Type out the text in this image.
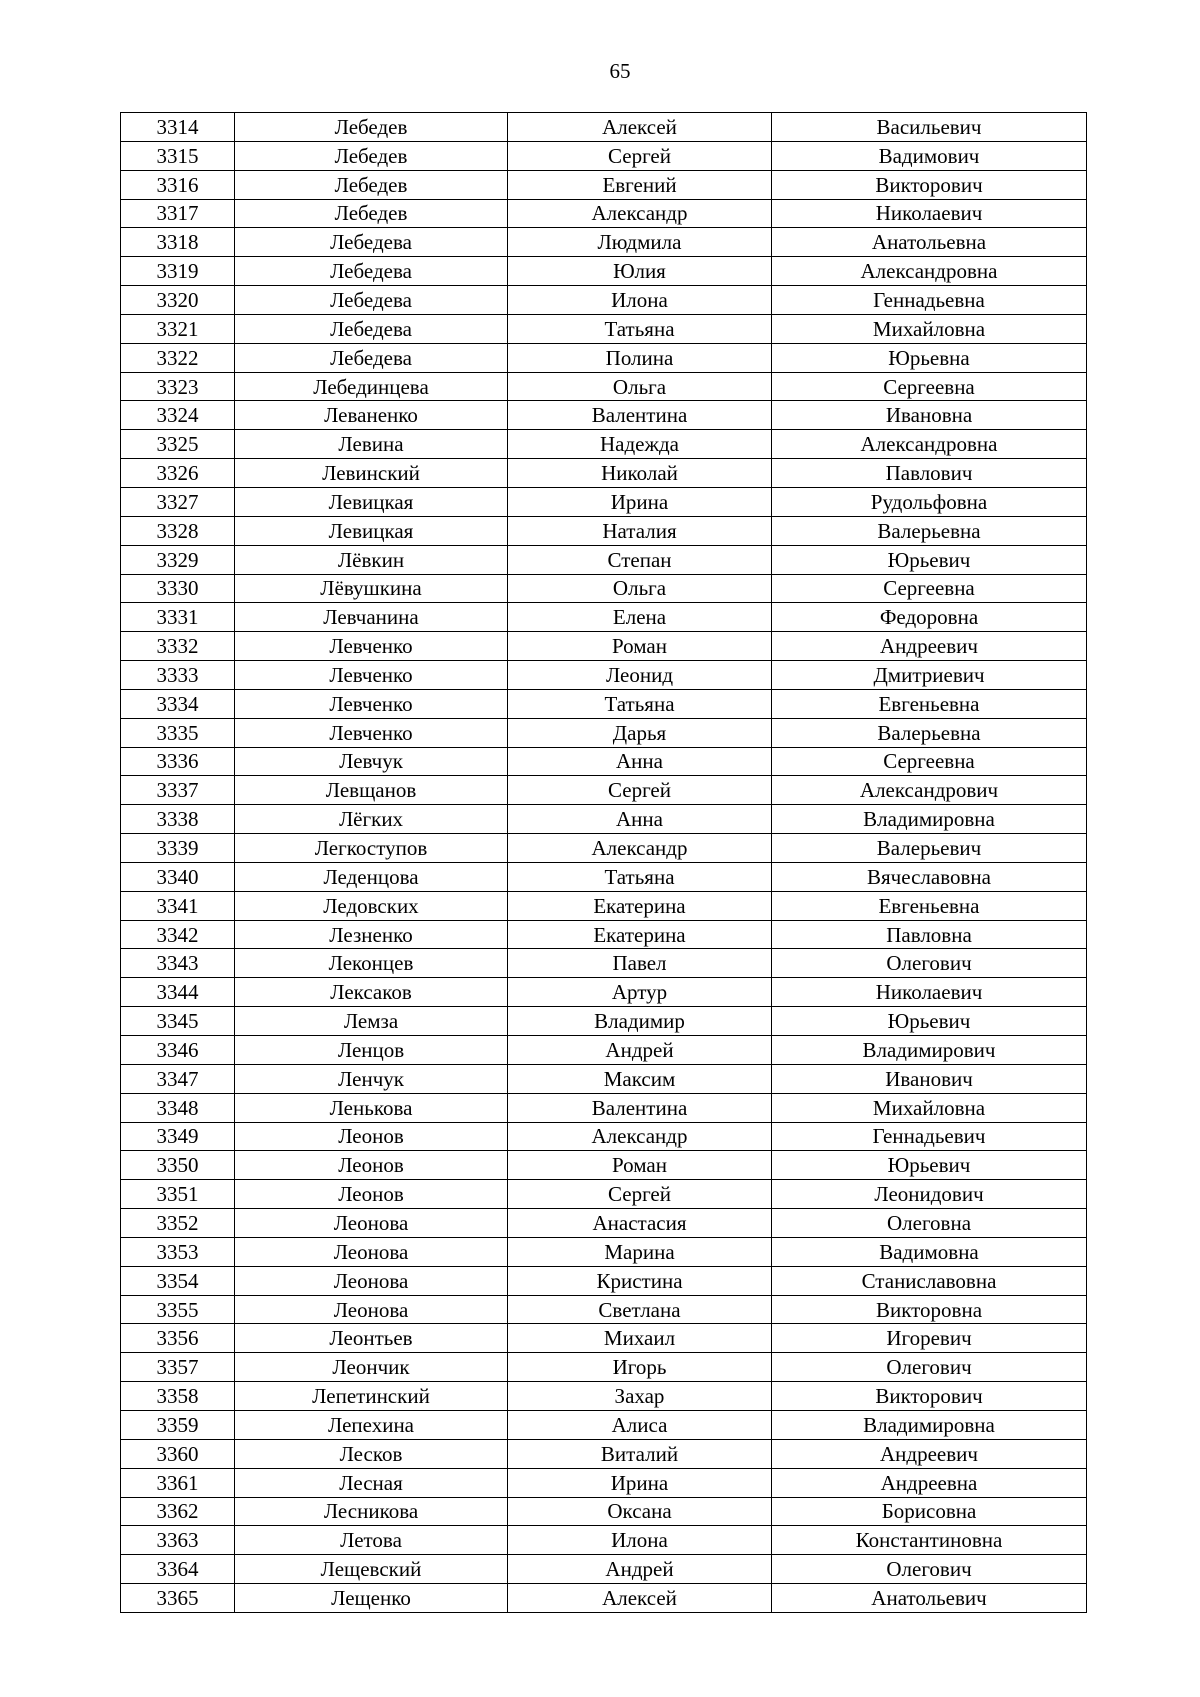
65
3314	Лебедев	Алексей	Васильевич
3315	Лебедев	Сергей	Вадимович
3316	Лебедев	Евгений	Викторович
3317	Лебедев	Александр	Николаевич
3318	Лебедева	Людмила	Анатольевна
3319	Лебедева	Юлия	Александровна
3320	Лебедева	Илона	Геннадьевна
3321	Лебедева	Татьяна	Михайловна
3322	Лебедева	Полина	Юрьевна
3323	Лебединцева	Ольга	Сергеевна
3324	Леваненко	Валентина	Ивановна
3325	Левина	Надежда	Александровна
3326	Левинский	Николай	Павлович
3327	Левицкая	Ирина	Рудольфовна
3328	Левицкая	Наталия	Валерьевна
3329	Лёвкин	Степан	Юрьевич
3330	Лёвушкина	Ольга	Сергеевна
3331	Левчанина	Елена	Федоровна
3332	Левченко	Роман	Андреевич
3333	Левченко	Леонид	Дмитриевич
3334	Левченко	Татьяна	Евгеньевна
3335	Левченко	Дарья	Валерьевна
3336	Левчук	Анна	Сергеевна
3337	Левщанов	Сергей	Александрович
3338	Лёгких	Анна	Владимировна
3339	Легкоступов	Александр	Валерьевич
3340	Леденцова	Татьяна	Вячеславовна
3341	Ледовских	Екатерина	Евгеньевна
3342	Лезненко	Екатерина	Павловна
3343	Леконцев	Павел	Олегович
3344	Лексаков	Артур	Николаевич
3345	Лемза	Владимир	Юрьевич
3346	Ленцов	Андрей	Владимирович
3347	Ленчук	Максим	Иванович
3348	Ленькова	Валентина	Михайловна
3349	Леонов	Александр	Геннадьевич
3350	Леонов	Роман	Юрьевич
3351	Леонов	Сергей	Леонидович
3352	Леонова	Анастасия	Олеговна
3353	Леонова	Марина	Вадимовна
3354	Леонова	Кристина	Станиславовна
3355	Леонова	Светлана	Викторовна
3356	Леонтьев	Михаил	Игоревич
3357	Леончик	Игорь	Олегович
3358	Лепетинский	Захар	Викторович
3359	Лепехина	Алиса	Владимировна
3360	Лесков	Виталий	Андреевич
3361	Лесная	Ирина	Андреевна
3362	Лесникова	Оксана	Борисовна
3363	Летова	Илона	Константиновна
3364	Лещевский	Андрей	Олегович
3365	Лещенко	Алексей	Анатольевич
